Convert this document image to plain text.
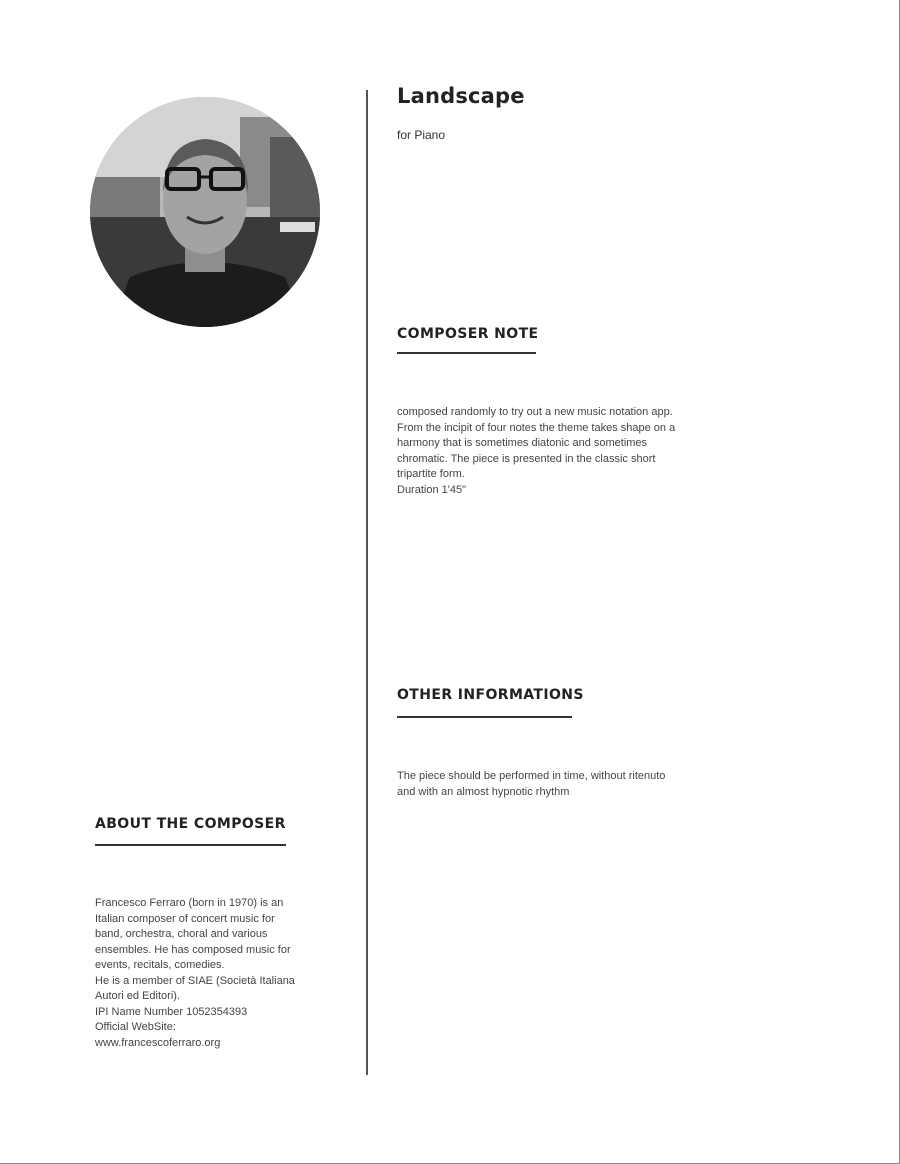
Landscape
for Piano
COMPOSER NOTE
composed randomly to try out a new music notation app.
From the incipit of four notes the theme takes shape on a
harmony that is sometimes diatonic and sometimes
chromatic. The piece is presented in the classic short
tripartite form.
Duration 1'45"
OTHER INFORMATIONS
The piece should be performed in time, without ritenuto
and with an almost hypnotic rhythm
ABOUT THE COMPOSER
Francesco Ferraro (born in 1970) is an
Italian composer of concert music for
band, orchestra, choral and various
ensembles. He has composed music for
events, recitals, comedies.
He is a member of SIAE (Società Italiana
Autori ed Editori).
IPI Name Number 1052354393
Official WebSite:
www.francescoferraro.org
